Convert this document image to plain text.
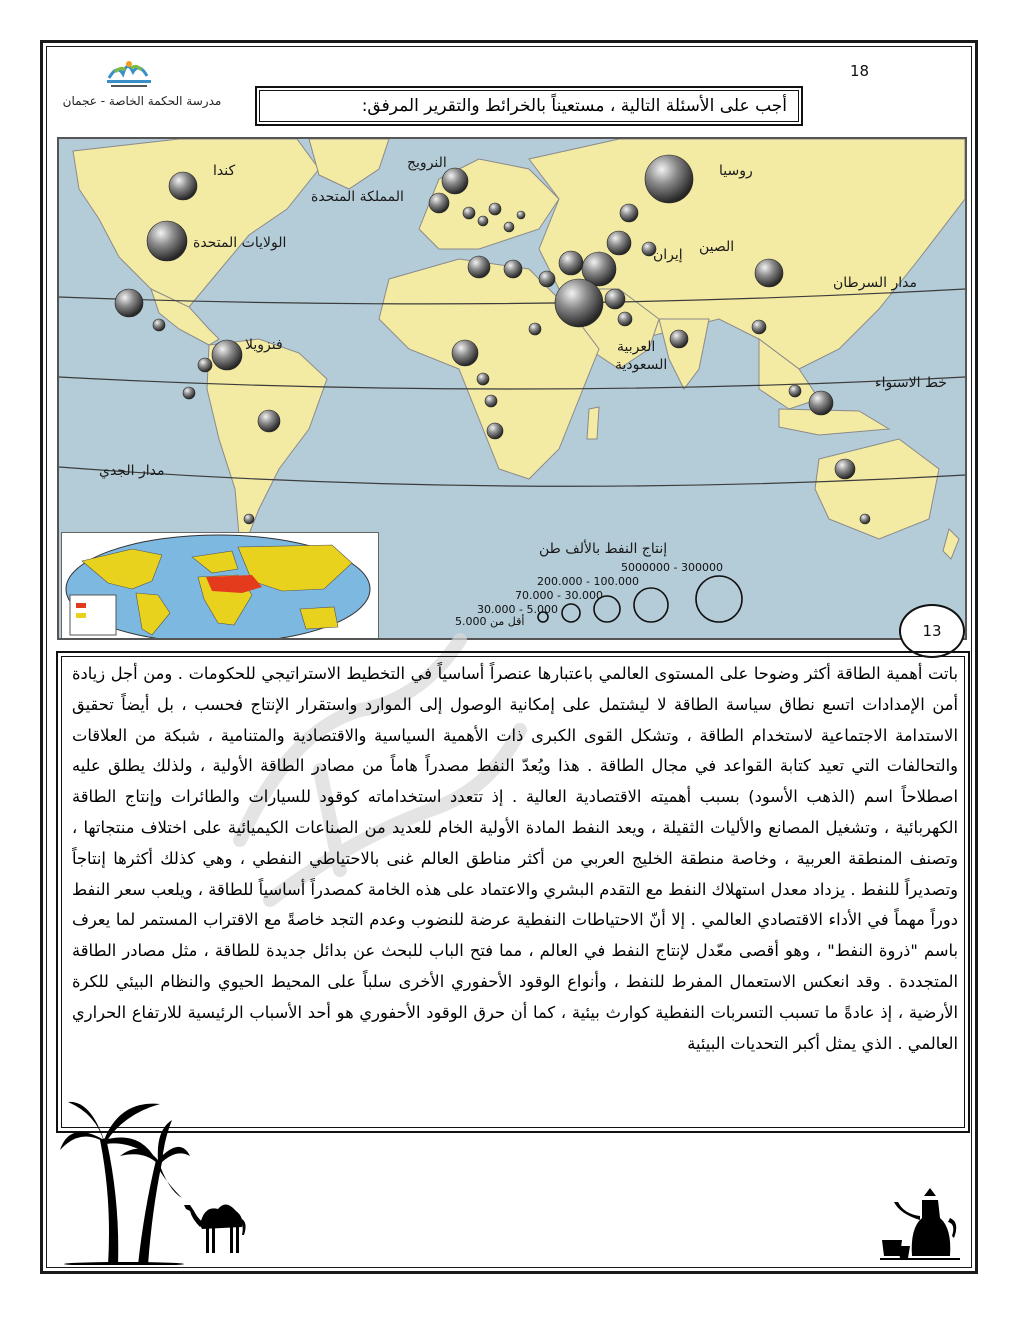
18
مدرسة الحكمة الخاصة - عجمان	أجب على الأسئلة التالية ، مستعيناً بالخرائط والتقرير المرفق:
روسيا
النرويج
كندا
المملكة المتحدة
الولايات المتحدة	الصين
إيران
مدار السرطان
فنزويلا	العربية
السعودية
خط الاستواء
مدار الجدي
إنتاج النفط بالألف طن
5000000 - 300000
200.000 - 100.000
70.000 - 30.000
30.000 - 5.000
أقل من 5.000
13

باتت أهمية الطاقة أكثر وضوحا على المستوى العالمي باعتبارها عنصراً أساسياً في التخطيط الاستراتيجي للحكومات . ومن أجل زيادة أمن الإمدادات اتسع نطاق سياسة الطاقة لا ليشتمل على إمكانية الوصول إلى الموارد واستقرار الإنتاج فحسب ، بل أيضاً تحقيق الاستدامة الاجتماعية لاستخدام الطاقة ، وتشكل القوى الكبرى ذات الأهمية السياسية والاقتصادية والمتنامية ، شبكة من العلاقات والتحالفات التي تعيد كتابة القواعد في مجال الطاقة . هذا ويُعدّ النفط مصدراً هاماً من مصادر الطاقة الأولية ، ولذلك يطلق عليه اصطلاحاً اسم (الذهب الأسود) بسبب أهميته الاقتصادية العالية . إذ تتعدد استخداماته كوقود للسيارات والطائرات وإنتاج الطاقة الكهربائية ، وتشغيل المصانع والأليات الثقيلة ، ويعد النفط المادة الأولية الخام للعديد من الصناعات الكيميائية على اختلاف منتجاتها ، وتصنف المنطقة العربية ، وخاصة منطقة الخليج العربي من أكثر مناطق العالم غنى بالاحتياطي النفطي ، وهي كذلك أكثرها إنتاجاً وتصديراً للنفط . يزداد معدل استهلاك النفط مع التقدم البشري والاعتماد على هذه الخامة كمصدراً أساسياً للطاقة ، ويلعب سعر النفط دوراً مهماً في الأداء الاقتصادي العالمي . إلا أنّ الاحتياطات النفطية عرضة للنضوب وعدم التجد خاصةً مع الاقتراب المستمر لما يعرف باسم "ذروة النفط" ، وهو أقصى معّدل لإنتاج النفط في العالم ، مما فتح الباب للبحث عن بدائل جديدة للطاقة ، مثل مصادر الطاقة المتجددة . وقد انعكس الاستعمال المفرط للنفط ، وأنواع الوقود الأحفوري الأخرى سلباً على المحيط الحيوي والنظام البيئي للكرة الأرضية ، إذ عادةً ما تسبب التسربات النفطية كوارث بيئية ، كما أن حرق الوقود الأحفوري هو أحد الأسباب الرئيسية للارتفاع الحراري العالمي . الذي يمثل أكبر التحديات البيئية
